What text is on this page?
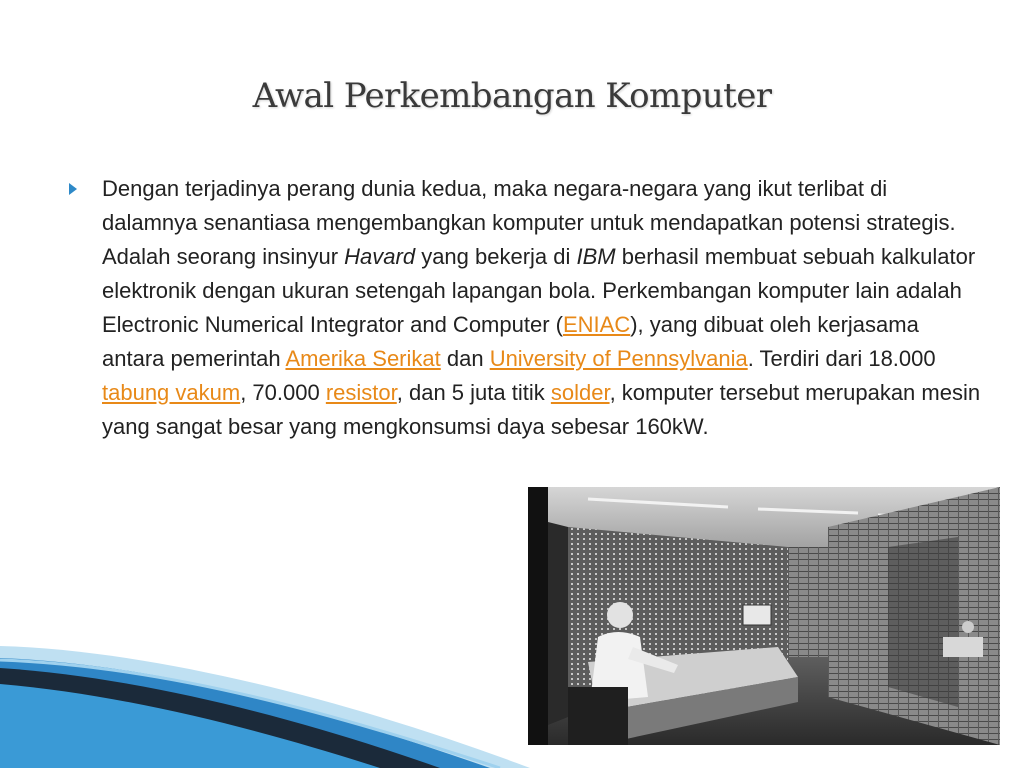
Awal Perkembangan Komputer

Dengan terjadinya perang dunia kedua, maka negara-negara yang ikut terlibat di dalamnya senantiasa mengembangkan komputer untuk mendapatkan potensi strategis. Adalah seorang insinyur Havard yang bekerja di IBM berhasil membuat sebuah kalkulator elektronik dengan ukuran setengah lapangan bola. Perkembangan komputer lain adalah Electronic Numerical Integrator and Computer (ENIAC), yang dibuat oleh kerjasama antara pemerintah Amerika Serikat dan University of Pennsylvania. Terdiri dari 18.000 tabung vakum, 70.000 resistor, dan 5 juta titik solder, komputer tersebut merupakan mesin yang sangat besar yang mengkonsumsi daya sebesar 160kW.
